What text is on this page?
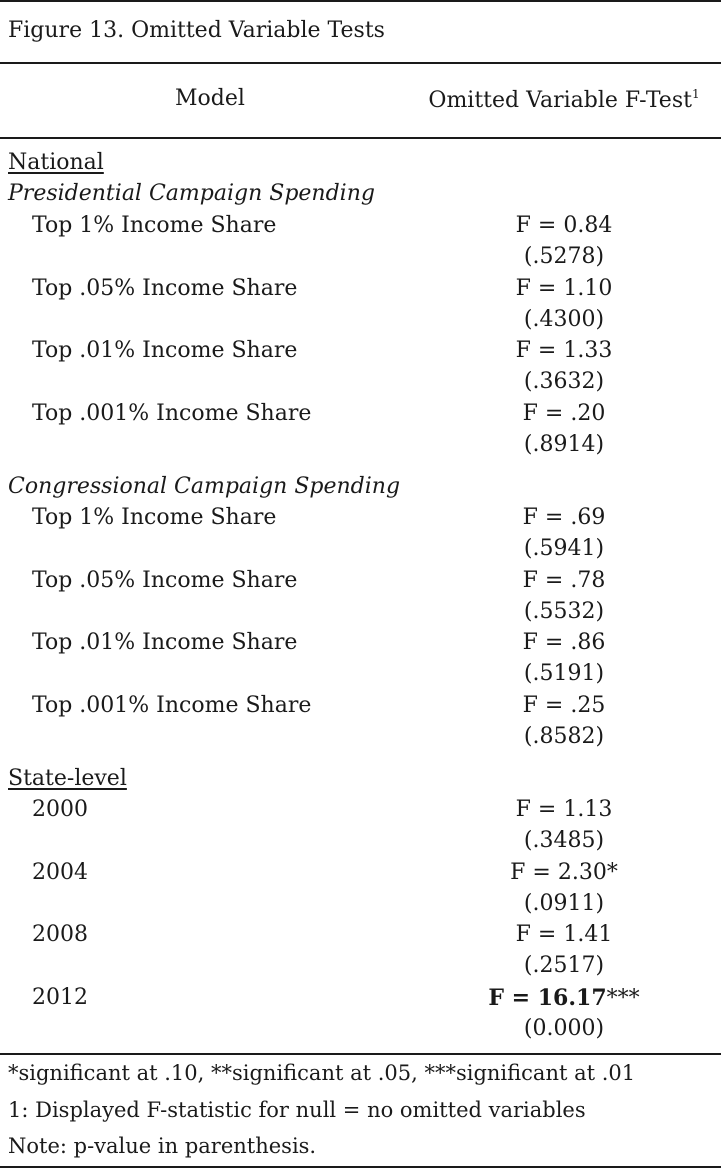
Figure 13. Omitted Variable Tests
Model	Omitted Variable F-Test$^1$
National
Presidential Campaign Spending
Top 1% Income Share	F = 0.84
(.5278)
Top .05% Income Share	F = 1.10
(.4300)
Top .01% Income Share	F = 1.33
(.3632)
Top .001% Income Share	F = .20
(.8914)
Congressional Campaign Spending
Top 1% Income Share	F = .69
(.5941)
Top .05% Income Share	F = .78
(.5532)
Top .01% Income Share	F = .86
(.5191)
Top .001% Income Share	F = .25
(.8582)
State-level
2000	F = 1.13
(.3485)
2004	F = 2.30*
(.0911)
2008	F = 1.41
(.2517)
2012	F = 16.17***
(0.000)
*significant at .10, **significant at .05, ***significant at .01
1: Displayed F-statistic for null = no omitted variables
Note: p-value in parenthesis.
